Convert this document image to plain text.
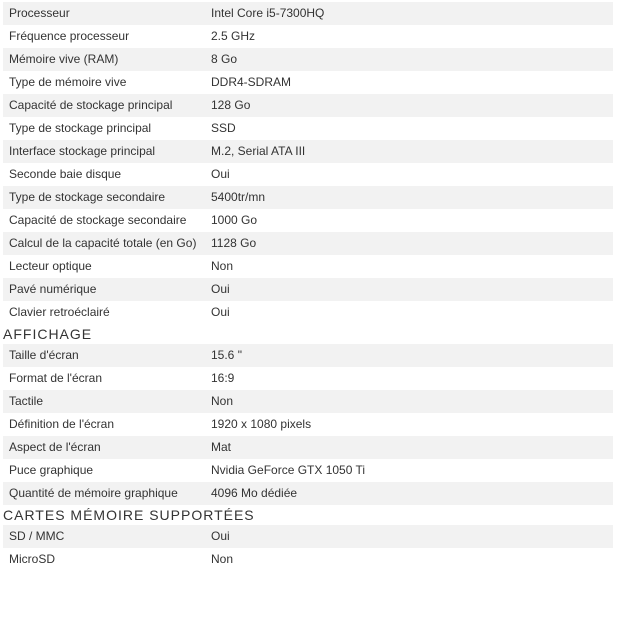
Processeur	Intel Core i5-7300HQ
Fréquence processeur	2.5 GHz
Mémoire vive (RAM)	8 Go
Type de mémoire vive	DDR4-SDRAM
Capacité de stockage principal	128 Go
Type de stockage principal	SSD
Interface stockage principal	M.2, Serial ATA III
Seconde baie disque	Oui
Type de stockage secondaire	5400tr/mn
Capacité de stockage secondaire	1000 Go
Calcul de la capacité totale (en Go)	1128 Go
Lecteur optique	Non
Pavé numérique	Oui
Clavier retroéclairé	Oui
AFFICHAGE
Taille d'écran	15.6 "
Format de l'écran	16:9
Tactile	Non
Définition de l'écran	1920 x 1080 pixels
Aspect de l'écran	Mat
Puce graphique	Nvidia GeForce GTX 1050 Ti
Quantité de mémoire graphique	4096 Mo dédiée
CARTES MÉMOIRE SUPPORTÉES
SD / MMC	Oui
MicroSD	Non
